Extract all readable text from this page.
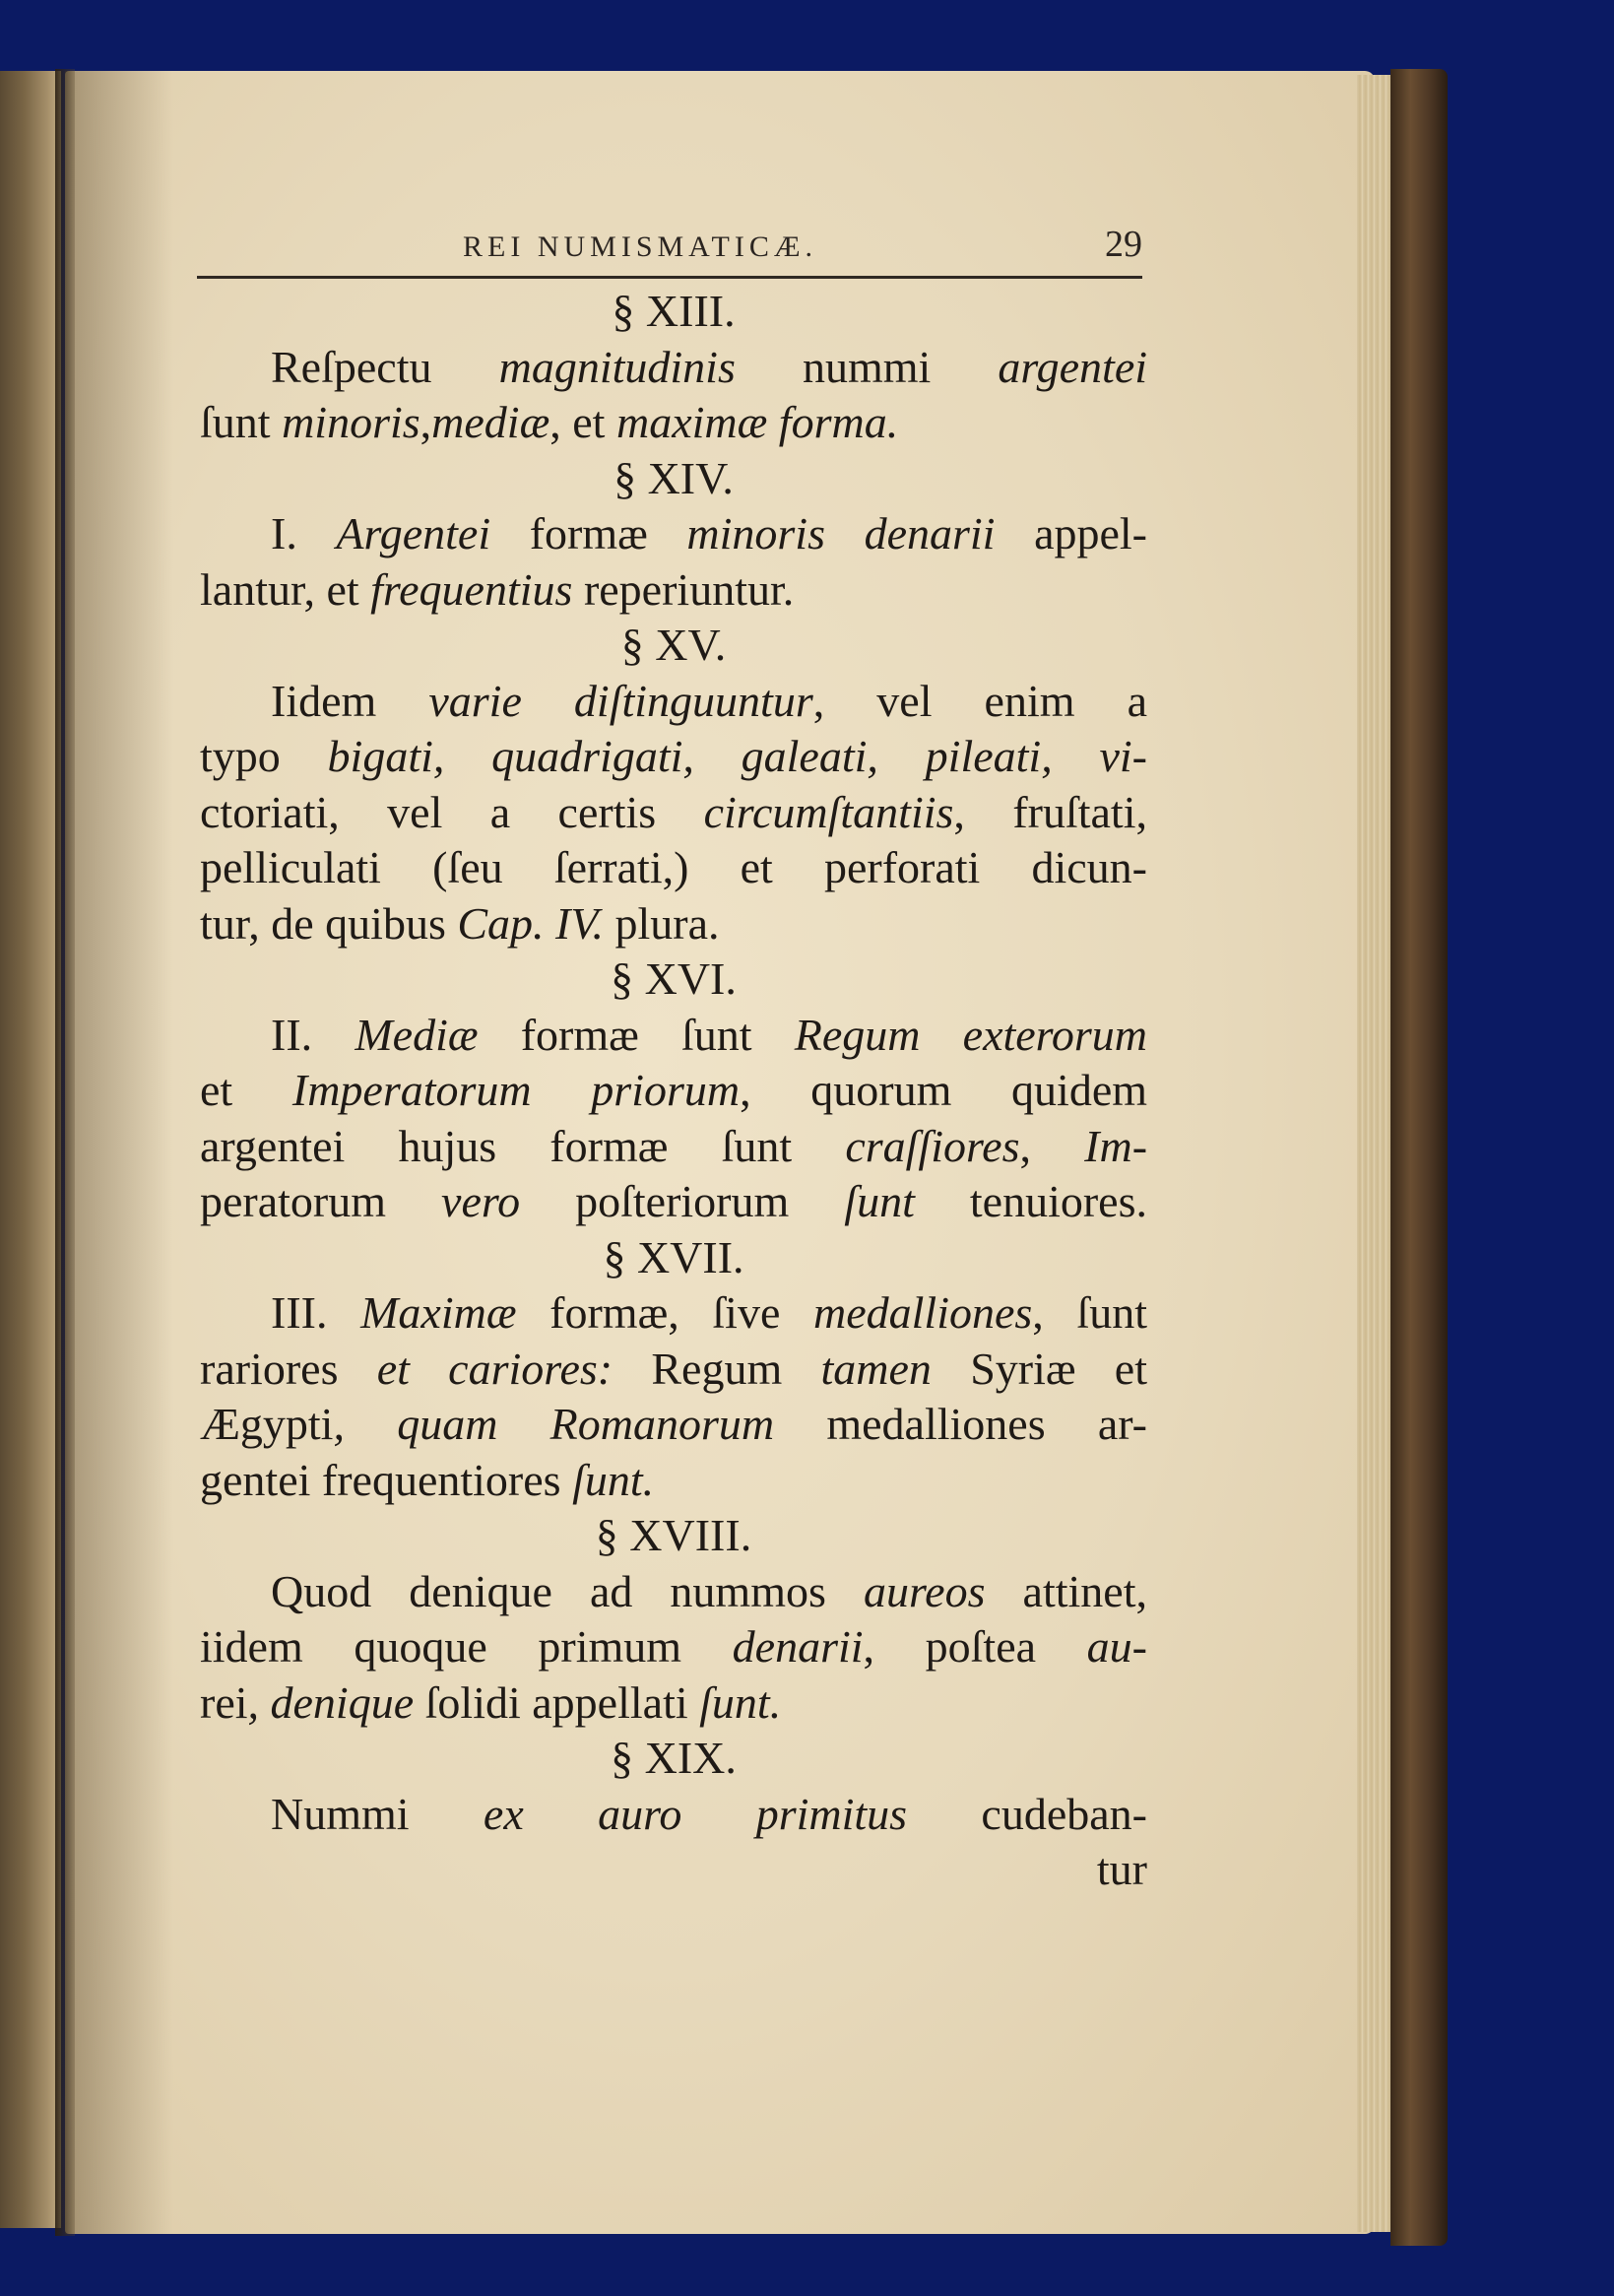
REI NUMISMATICÆ.	29
§ XIII.
Reſpectu magnitudinis nummi argentei
ſunt minoris,mediæ, et maximæ forma.
§ XIV.
I. Argentei formæ minoris denarii appel-
lantur, et frequentius reperiuntur.
§ XV.
Iidem varie diſtinguuntur, vel enim a
typo bigati, quadrigati, galeati, pileati, vi-
ctoriati, vel a certis circumſtantiis, fruſtati,
pelliculati (ſeu ſerrati,) et perforati dicun-
tur, de quibus Cap. IV. plura.
§ XVI.
II. Mediæ formæ ſunt Regum exterorum
et Imperatorum priorum, quorum quidem
argentei hujus formæ ſunt craſſiores, Im-
peratorum vero poſteriorum ſunt tenuiores.
§ XVII.
III. Maximæ formæ, ſive medalliones, ſunt
rariores et cariores: Regum tamen Syriæ et
Ægypti, quam Romanorum medalliones ar-
gentei frequentiores ſunt.
§ XVIII.
Quod denique ad nummos aureos attinet,
iidem quoque primum denarii, poſtea au-
rei, denique ſolidi appellati ſunt.
§ XIX.
Nummi ex auro primitus cudeban-
tur
